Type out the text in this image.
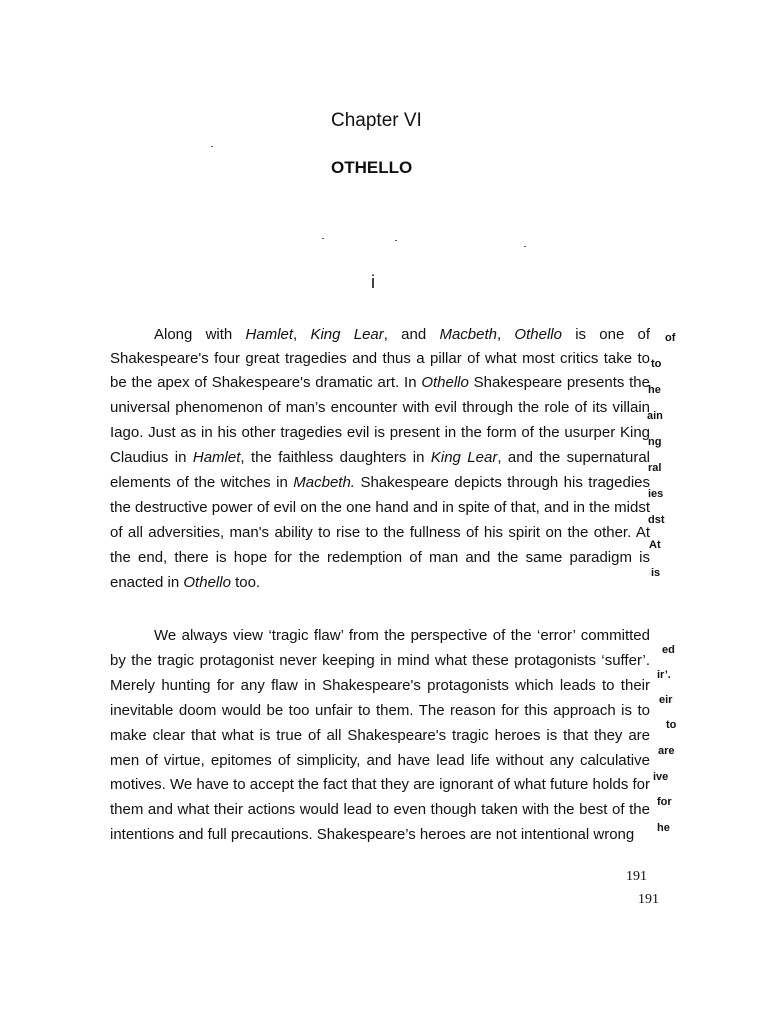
Chapter VI
OTHELLO
i
Along with Hamlet, King Lear, and Macbeth, Othello is one of
Shakespeare's four great tragedies and thus a pillar of what most critics take to
be the apex of Shakespeare's dramatic art. In Othello Shakespeare presents the
universal phenomenon of man’s encounter with evil through the role of its villain
Iago. Just as in his other tragedies evil is present in the form of the usurper King
Claudius in Hamlet, the faithless daughters in King Lear, and the supernatural
elements of the witches in Macbeth. Shakespeare depicts through his tragedies
the destructive power of evil on the one hand and in spite of that, and in the midst
of all adversities, man's ability to rise to the fullness of his spirit on the other. At
the end, there is hope for the redemption of man and the same paradigm is
enacted in Othello too.
We always view ‘tragic flaw’ from the perspective of the ‘error’ committed
by the tragic protagonist never keeping in mind what these protagonists ‘suffer’.
Merely hunting for any flaw in Shakespeare's protagonists which leads to their
inevitable doom would be too unfair to them. The reason for this approach is to
make clear that what is true of all Shakespeare's tragic heroes is that they are
men of virtue, epitomes of simplicity, and have lead life without any calculative
motives. We have to accept the fact that they are ignorant of what future holds for
them and what their actions would lead to even though taken with the best of the
intentions and full precautions. Shakespeare’s heroes are not intentional wrong
of
to
he
ain
ng
ral
ies
dst
At
is
ed
ir’.
eir
to
are
ive
for
he
191
191
